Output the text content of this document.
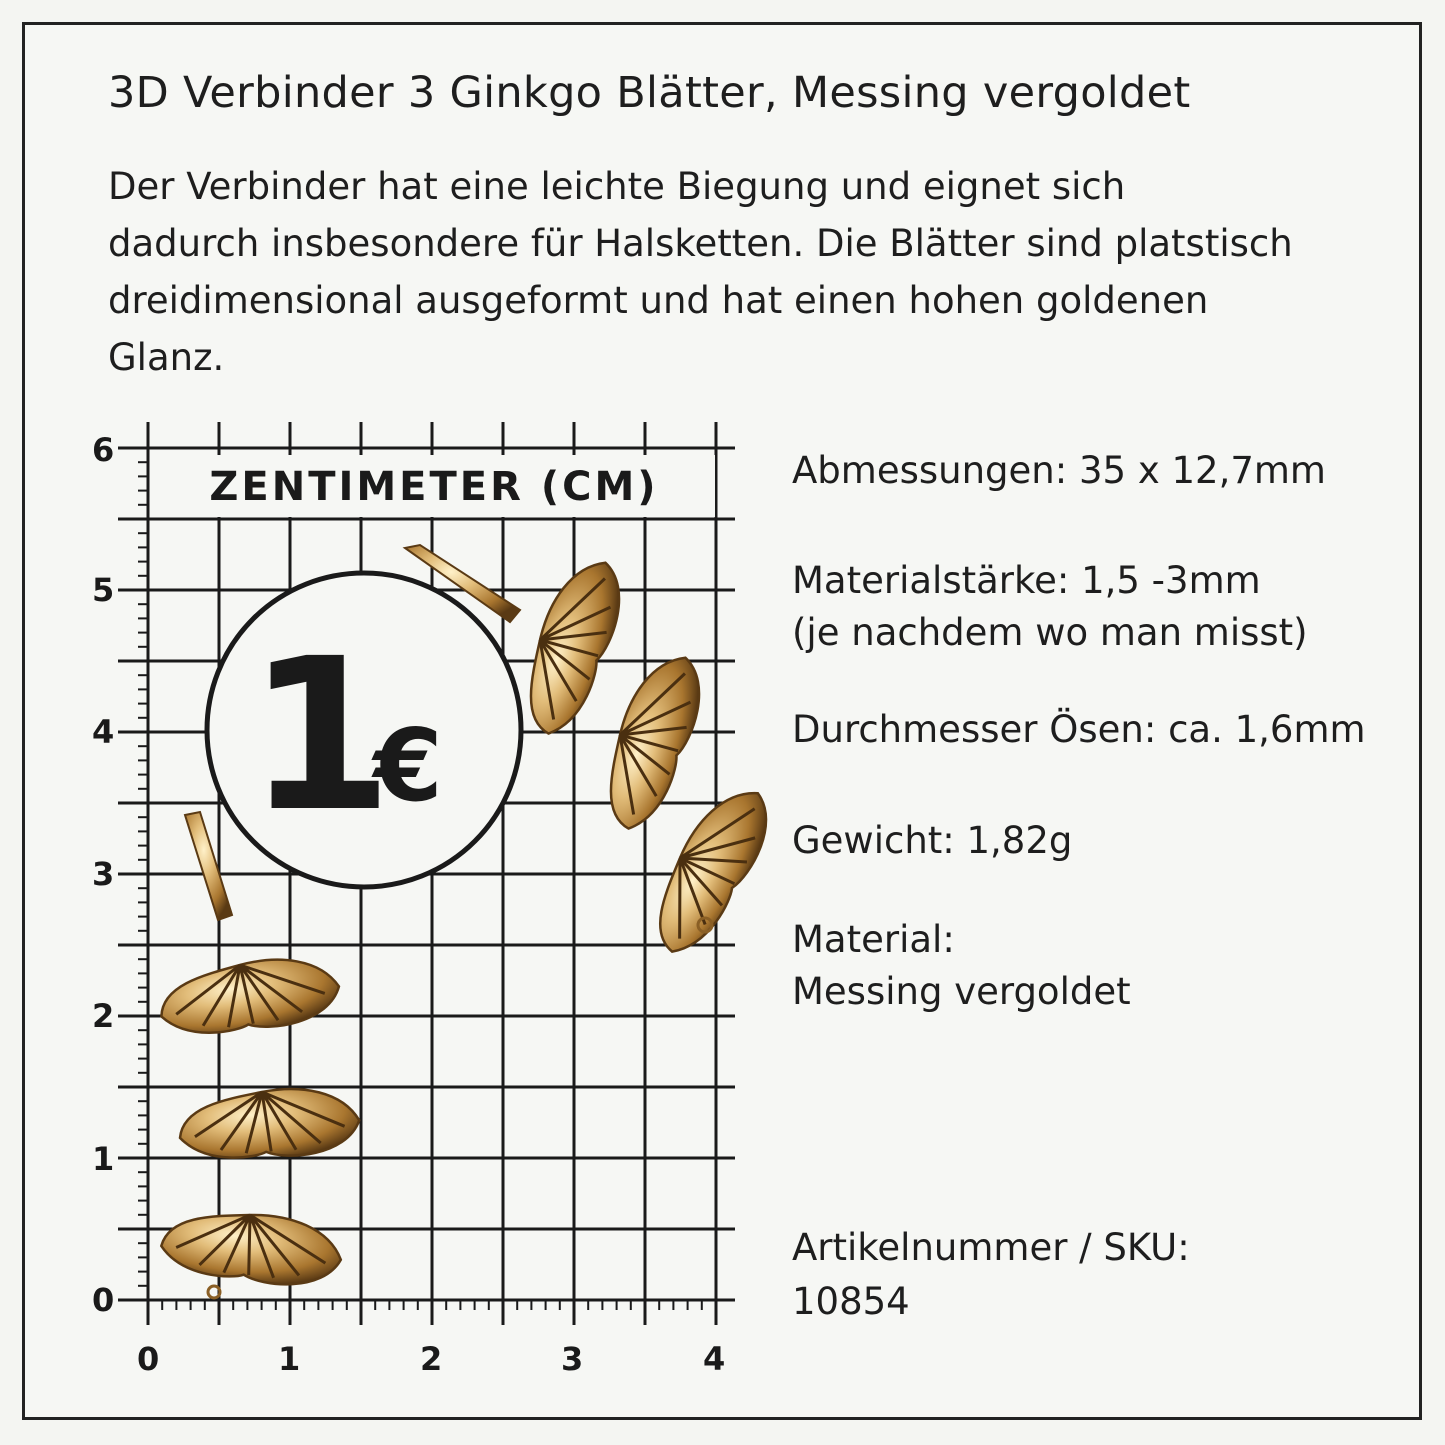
3D Verbinder 3 Ginkgo Blätter, Messing vergoldet
Der Verbinder hat eine leichte Biegung und eignet sich
dadurch insbesondere für Halsketten. Die Blätter sind platstisch
dreidimensional ausgeformt und hat einen hohen goldenen
Glanz.
ZENTIMETER (CM)
0
1
2
3
4
5
6
0	1	2	3	4
1
€
Abmessungen: 35 x 12,7mm
Materialstärke: 1,5 -3mm
(je nachdem wo man misst)
Durchmesser Ösen: ca. 1,6mm
Gewicht: 1,82g
Material:
Messing vergoldet
Artikelnummer / SKU:
10854
